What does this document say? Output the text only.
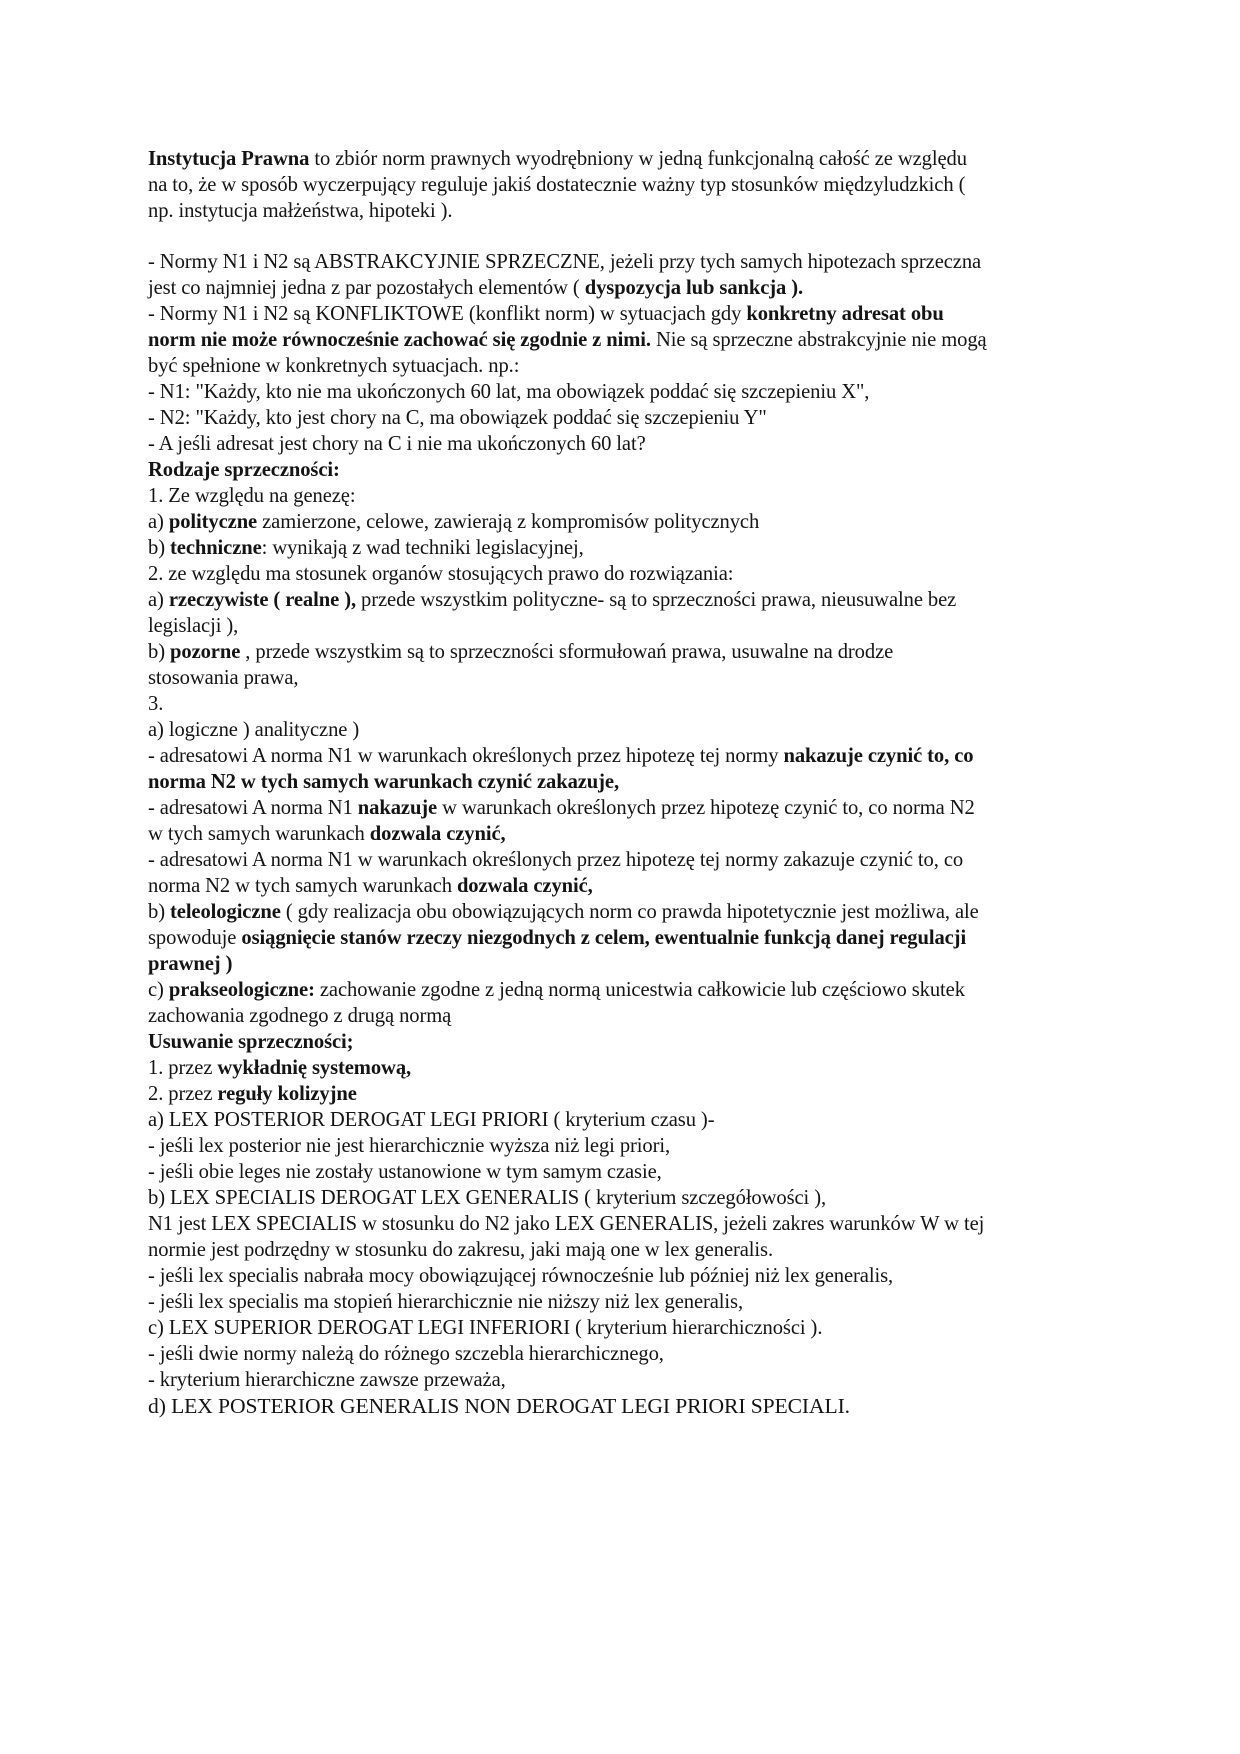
Instytucja Prawna to zbiór norm prawnych wyodrębniony w jedną funkcjonalną całość ze względu

na to, że w sposób wyczerpujący reguluje jakiś dostatecznie ważny typ stosunków międzyludzkich (

np. instytucja małżeństwa, hipoteki ).

- Normy N1 i N2 są ABSTRAKCYJNIE SPRZECZNE, jeżeli przy tych samych hipotezach sprzeczna

jest co najmniej jedna z par pozostałych elementów ( dyspozycja lub sankcja ).

- Normy N1 i N2 są KONFLIKTOWE (konflikt norm) w sytuacjach gdy konkretny adresat obu

norm nie może równocześnie zachować się zgodnie z nimi. Nie są sprzeczne abstrakcyjnie nie mogą

być spełnione w konkretnych sytuacjach. np.:

- N1: "Każdy, kto nie ma ukończonych 60 lat, ma obowiązek poddać się szczepieniu X",

- N2: "Każdy, kto jest chory na C, ma obowiązek poddać się szczepieniu Y"

- A jeśli adresat jest chory na C i nie ma ukończonych 60 lat?

Rodzaje sprzeczności:

1. Ze względu na genezę:

a) polityczne zamierzone, celowe, zawierają z kompromisów politycznych

b) techniczne: wynikają z wad techniki legislacyjnej,

2. ze względu ma stosunek organów stosujących prawo do rozwiązania:

a) rzeczywiste ( realne ), przede wszystkim polityczne- są to sprzeczności prawa, nieusuwalne bez

legislacji ),

b) pozorne , przede wszystkim są to sprzeczności sformułowań prawa, usuwalne na drodze

stosowania prawa,

3.

a) logiczne ) analityczne )

- adresatowi A norma N1 w warunkach określonych przez hipotezę tej normy nakazuje czynić to, co

norma N2 w tych samych warunkach czynić zakazuje,

- adresatowi A norma N1 nakazuje w warunkach określonych przez hipotezę czynić to, co norma N2

w tych samych warunkach dozwala czynić,

- adresatowi A norma N1 w warunkach określonych przez hipotezę tej normy zakazuje czynić to, co

norma N2 w tych samych warunkach dozwala czynić,

b) teleologiczne ( gdy realizacja obu obowiązujących norm co prawda hipotetycznie jest możliwa, ale

spowoduje osiągnięcie stanów rzeczy niezgodnych z celem, ewentualnie funkcją danej regulacji

prawnej )

c) prakseologiczne: zachowanie zgodne z jedną normą unicestwia całkowicie lub częściowo skutek

zachowania zgodnego z drugą normą

Usuwanie sprzeczności;

1. przez wykładnię systemową,

2. przez reguły kolizyjne

a) LEX POSTERIOR DEROGAT LEGI PRIORI ( kryterium czasu )-

- jeśli lex posterior nie jest hierarchicznie wyższa niż legi priori,

- jeśli obie leges nie zostały ustanowione w tym samym czasie,

b) LEX SPECIALIS DEROGAT LEX GENERALIS ( kryterium szczegółowości ),

N1 jest LEX SPECIALIS w stosunku do N2 jako LEX GENERALIS, jeżeli zakres warunków W w tej

normie jest podrzędny w stosunku do zakresu, jaki mają one w lex generalis.

- jeśli lex specialis nabrała mocy obowiązującej równocześnie lub później niż lex generalis,

- jeśli lex specialis ma stopień hierarchicznie nie niższy niż lex generalis,

c) LEX SUPERIOR DEROGAT LEGI INFERIORI ( kryterium hierarchiczności ).

- jeśli dwie normy należą do różnego szczebla hierarchicznego,

- kryterium hierarchiczne zawsze przeważa,

d) LEX POSTERIOR GENERALIS NON DEROGAT LEGI PRIORI SPECIALI.
